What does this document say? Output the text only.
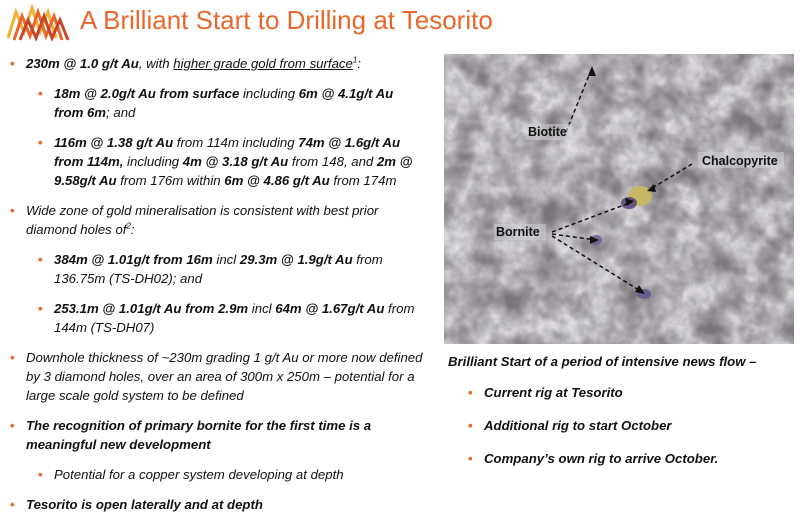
A Brilliant Start to Drilling at Tesorito
• 230m @ 1.0 g/t Au, with higher grade gold from surface$^1$:
• 18m @ 2.0g/t Au from surface including 6m @ 4.1g/t Au from 6m; and
• 116m @ 1.38 g/t Au from 114m including 74m @ 1.6g/t Au from 114m, including 4m @ 3.18 g/t Au from 148, and 2m @ 9.58g/t Au from 176m within 6m @ 4.86 g/t Au from 174m
• Wide zone of gold mineralisation is consistent with best prior diamond holes $of^2$:
• 384m @ 1.01g/t from 16m incl 29.3m @ 1.9g/t Au from 136.75m (TS-DH02); and
• 253.1m @ 1.01g/t Au from 2.9m incl 64m @ 1.67g/t Au from 144m (TS-DH07)
• Downhole thickness of ~230m grading 1 g/t Au or more now defined by 3 diamond holes, over an area of 300m x 250m – potential for a large scale gold system to be defined
• The recognition of primary bornite for the first time is a meaningful new development
• Potential for a copper system developing at depth
• Tesorito is open laterally and at depth
Biotite
Chalcopyrite
Bornite
Brilliant Start of a period of intensive news flow –
• Current rig at Tesorito
• Additional rig to start October
• Company’s own rig to arrive October.
